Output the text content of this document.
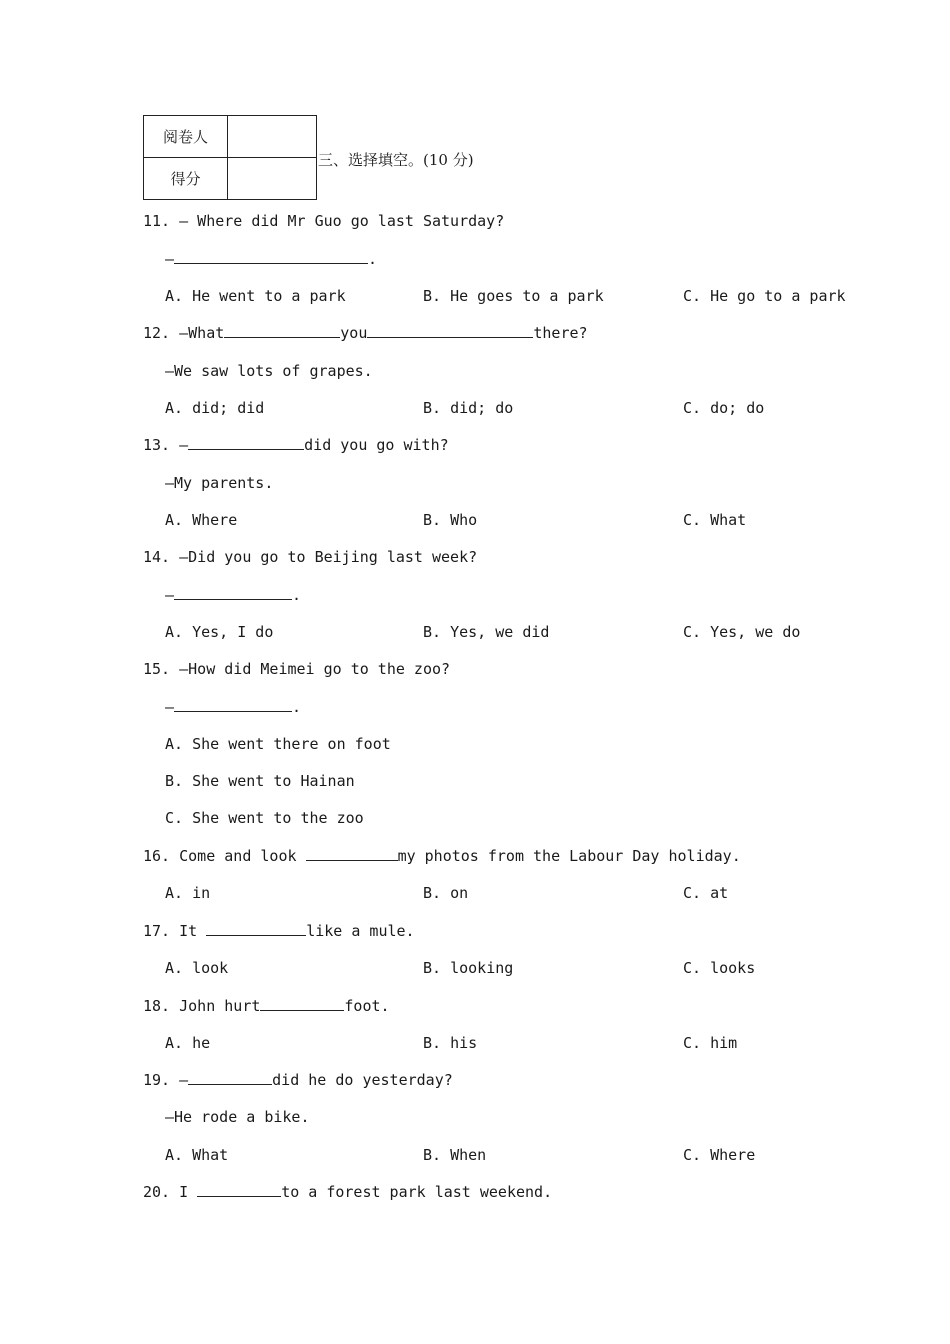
阅卷人	
得分	
三、选择填空。(10 分)
11. — Where did Mr Guo go last Saturday?
—	.
A. He went to a park	B. He goes to a park	C. He go to a park
12. —What	you	there?
—We saw lots of grapes.
A. did; did	B. did; do	C. do; do
13. —	did you go with?
—My parents.
A. Where	B. Who	C. What
14. —Did you go to Beijing last week?
—	.
A. Yes, I do	B. Yes, we did	C. Yes, we do
15. —How did Meimei go to the zoo?
—	.
A. She went there on foot
B. She went to Hainan
C. She went to the zoo
16. Come and look	my photos from the Labour Day holiday.
A. in	B. on	C. at
17. It	like a mule.
A. look	B. looking	C. looks
18. John hurt	foot.
A. he	B. his	C. him
19. —	did he do yesterday?
—He rode a bike.
A. What	B. When	C. Where
20. I	to a forest park last weekend.
